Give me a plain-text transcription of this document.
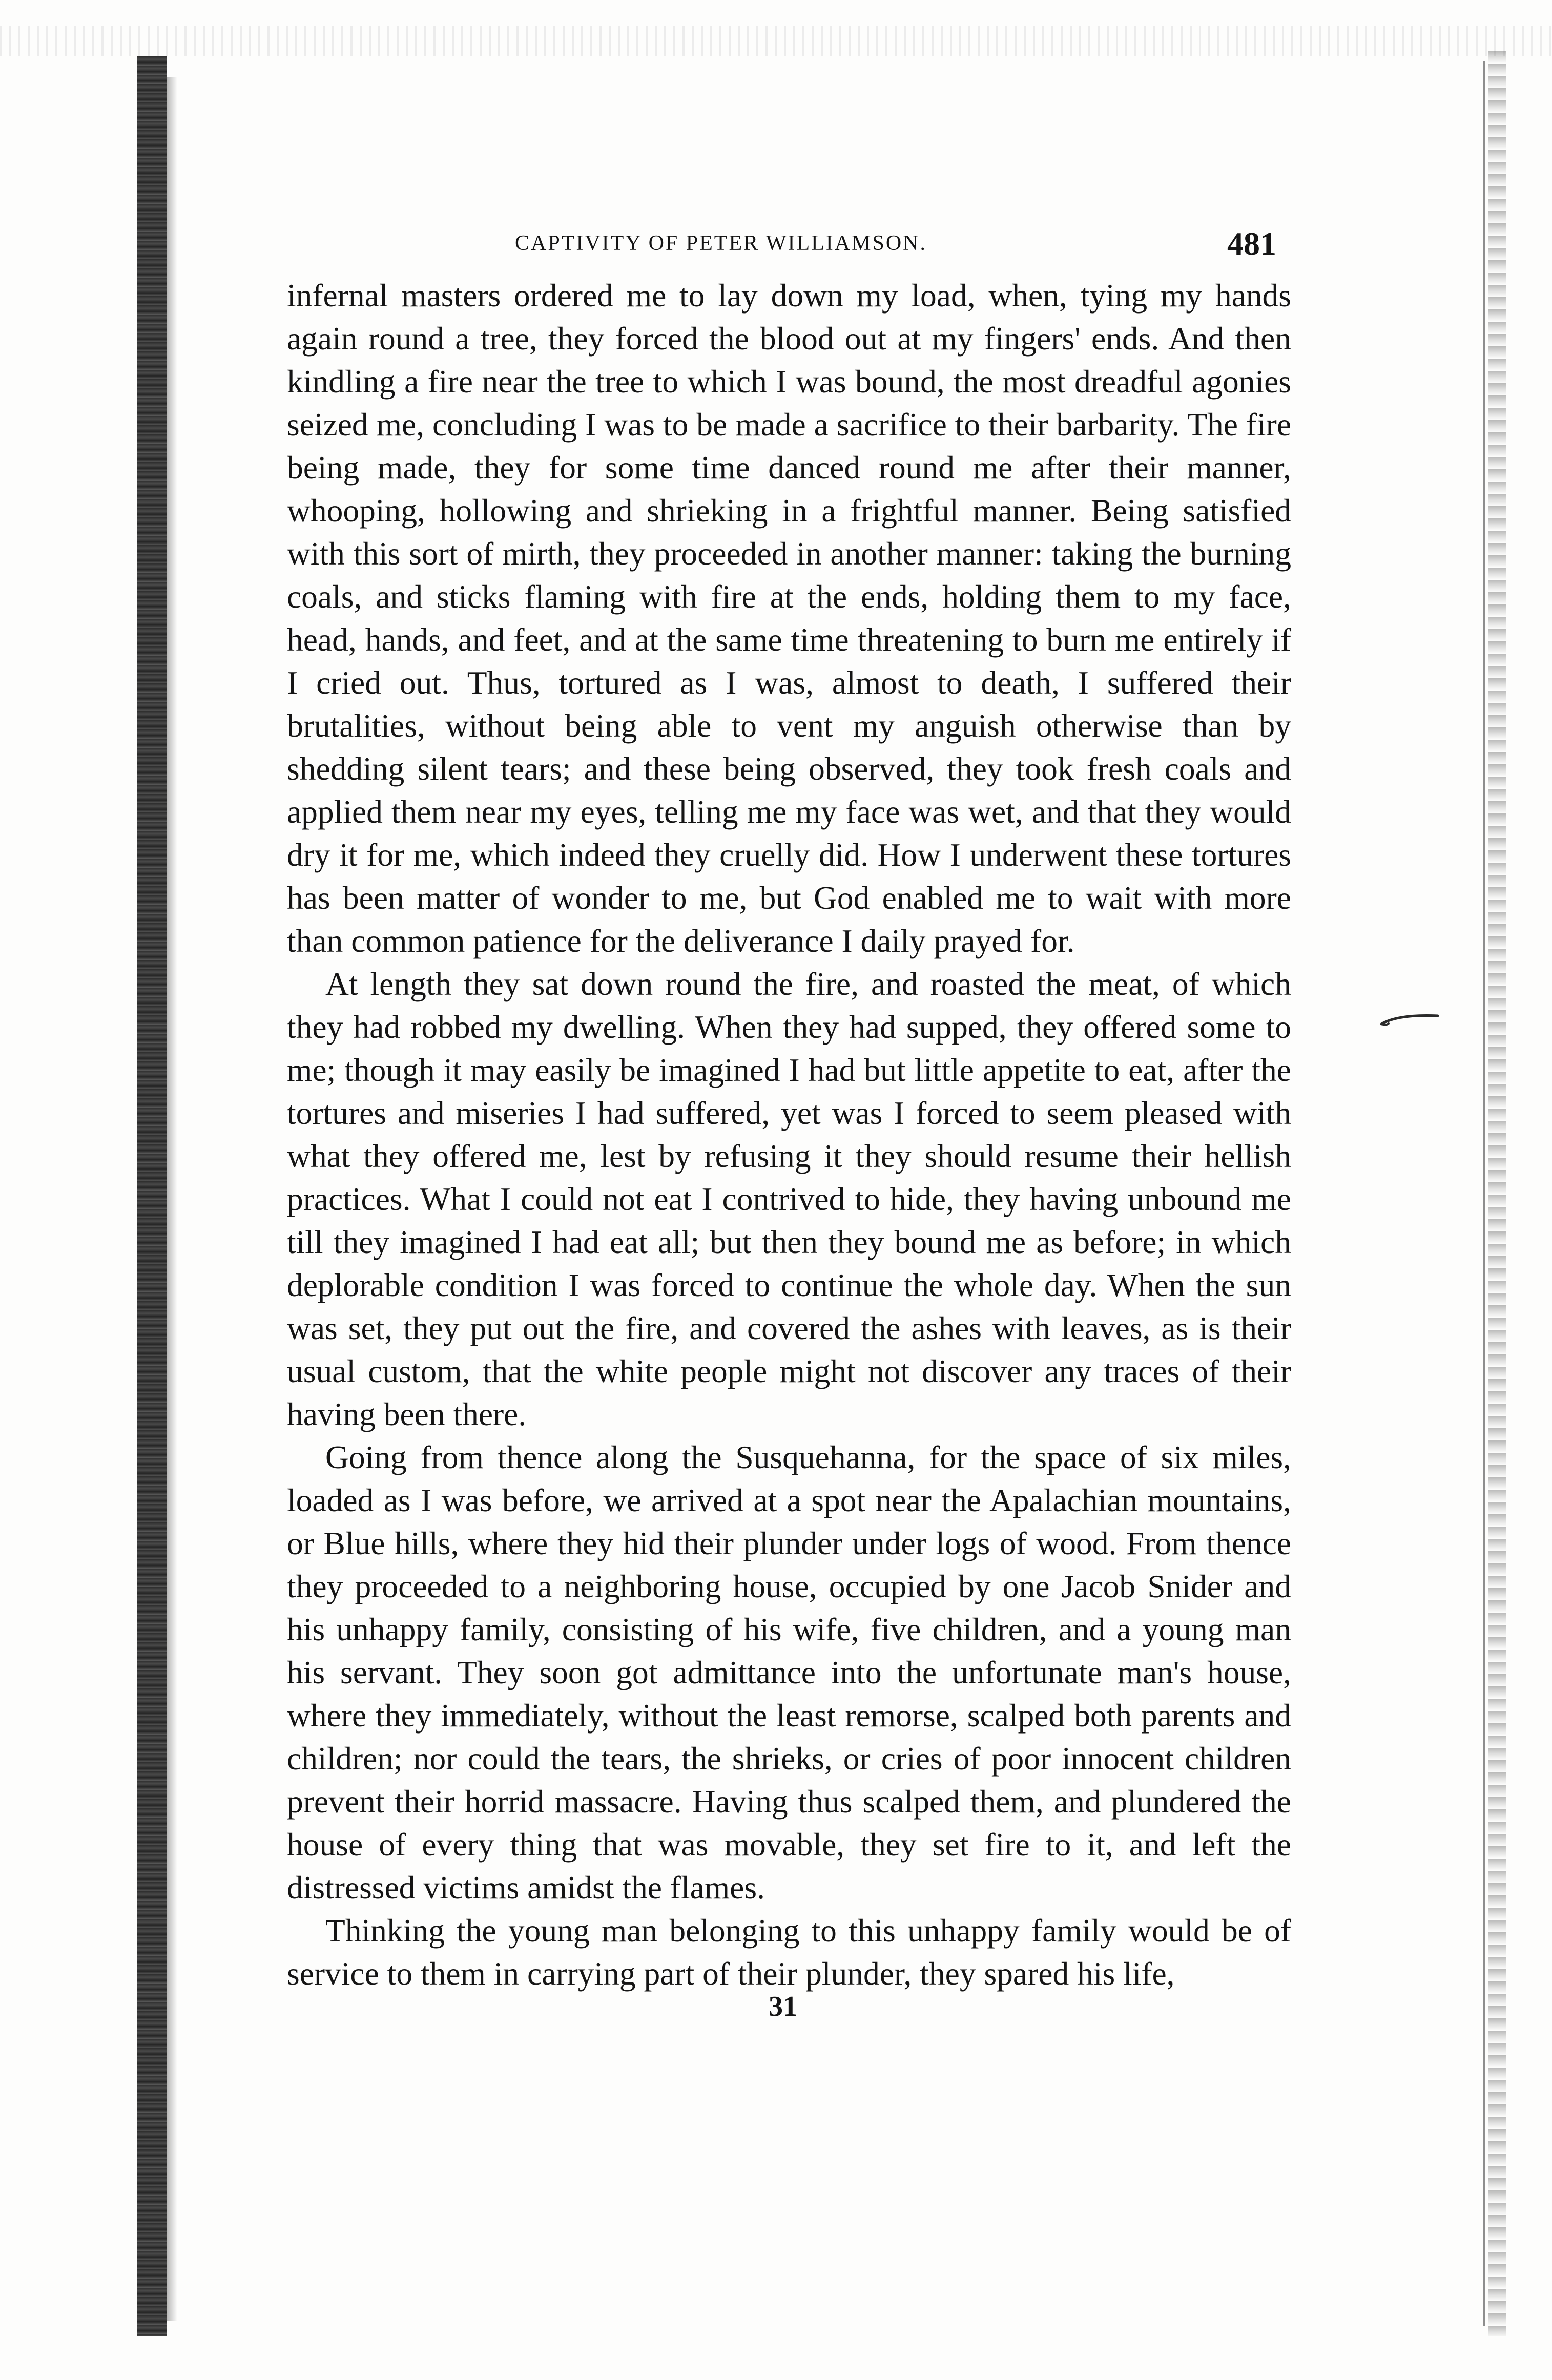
CAPTIVITY OF PETER WILLIAMSON.	481

infernal masters ordered me to lay down my load, when, tying my hands again round a tree, they forced the blood out at my fingers' ends. And then kindling a fire near the tree to which I was bound, the most dreadful agonies seized me, concluding I was to be made a sacrifice to their barbarity. The fire being made, they for some time danced round me after their manner, whooping, hollowing and shrieking in a frightful manner. Being satisfied with this sort of mirth, they proceeded in another manner: taking the burning coals, and sticks flaming with fire at the ends, holding them to my face, head, hands, and feet, and at the same time threatening to burn me entirely if I cried out. Thus, tortured as I was, almost to death, I suffered their brutalities, without being able to vent my anguish otherwise than by shedding silent tears; and these being observed, they took fresh coals and applied them near my eyes, telling me my face was wet, and that they would dry it for me, which indeed they cruelly did. How I underwent these tortures has been matter of wonder to me, but God enabled me to wait with more than common patience for the deliverance I daily prayed for.

At length they sat down round the fire, and roasted the meat, of which they had robbed my dwelling. When they had supped, they offered some to me; though it may easily be imagined I had but little appetite to eat, after the tortures and miseries I had suffered, yet was I forced to seem pleased with what they offered me, lest by refusing it they should resume their hellish practices. What I could not eat I contrived to hide, they having unbound me till they imagined I had eat all; but then they bound me as before; in which deplorable condition I was forced to continue the whole day. When the sun was set, they put out the fire, and covered the ashes with leaves, as is their usual custom, that the white people might not discover any traces of their having been there.

Going from thence along the Susquehanna, for the space of six miles, loaded as I was before, we arrived at a spot near the Apalachian mountains, or Blue hills, where they hid their plunder under logs of wood. From thence they proceeded to a neighboring house, occupied by one Jacob Snider and his unhappy family, consisting of his wife, five children, and a young man his servant. They soon got admittance into the unfortunate man's house, where they immediately, without the least remorse, scalped both parents and children; nor could the tears, the shrieks, or cries of poor innocent children prevent their horrid massacre. Having thus scalped them, and plundered the house of every thing that was movable, they set fire to it, and left the distressed victims amidst the flames.

Thinking the young man belonging to this unhappy family would be of service to them in carrying part of their plunder, they spared his life,

31
